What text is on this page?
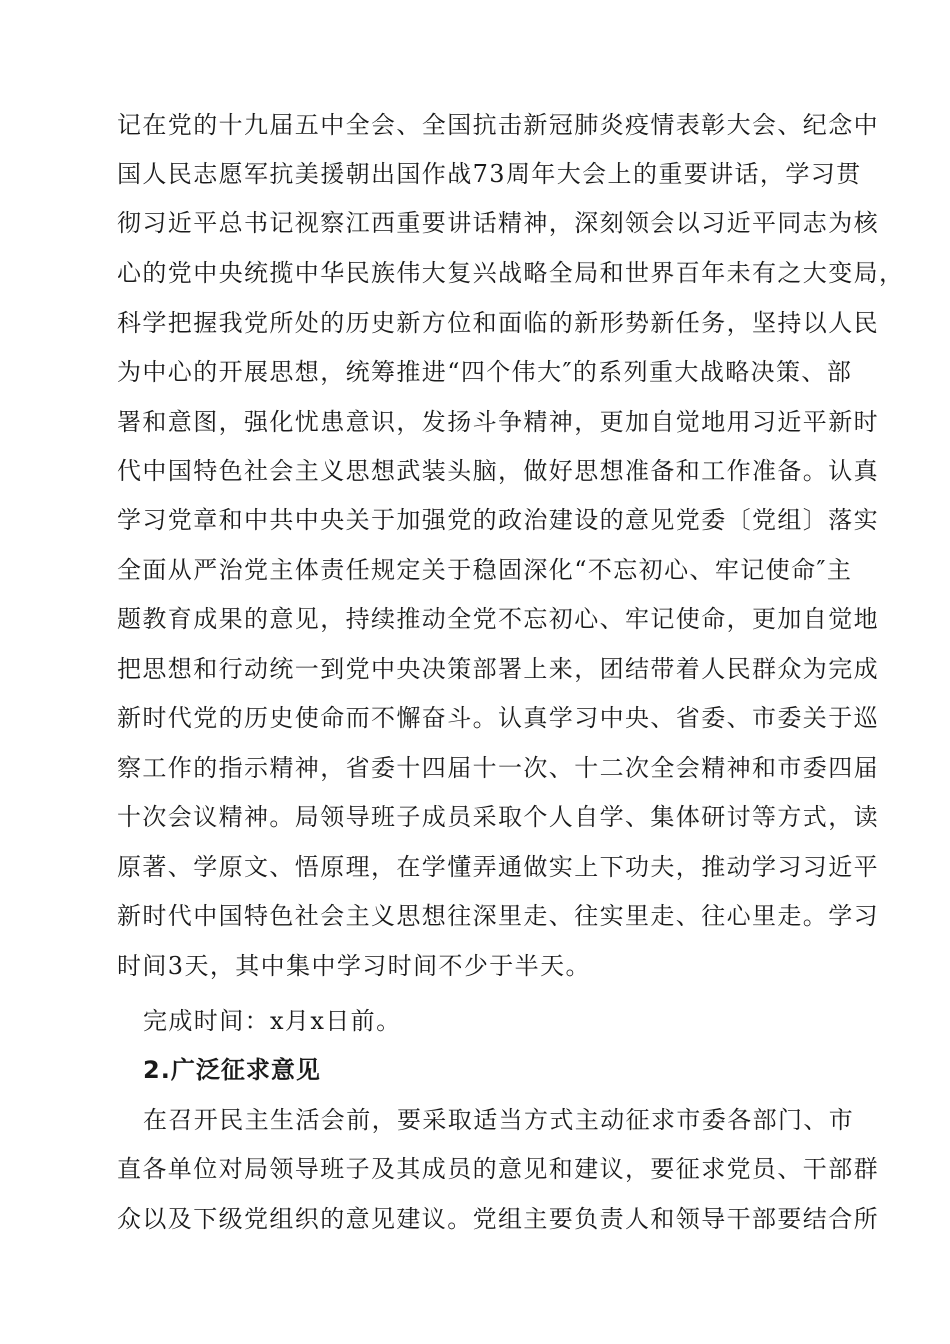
记在党的十九届五中全会、全国抗击新冠肺炎疫情表彰大会、纪念中
国人民志愿军抗美援朝出国作战73周年大会上的重要讲话，学习贯
彻习近平总书记视察江西重要讲话精神，深刻领会以习近平同志为核
心的党中央统揽中华民族伟大复兴战略全局和世界百年未有之大变局，
科学把握我党所处的历史新方位和面临的新形势新任务，坚持以人民
为中心的开展思想，统筹推进“四个伟大″的系列重大战略决策、部
署和意图，强化忧患意识，发扬斗争精神，更加自觉地用习近平新时
代中国特色社会主义思想武装头脑，做好思想准备和工作准备。认真
学习党章和中共中央关于加强党的政治建设的意见党委〔党组〕落实
全面从严治党主体责任规定关于稳固深化“不忘初心、牢记使命″主
题教育成果的意见，持续推动全党不忘初心、牢记使命，更加自觉地
把思想和行动统一到党中央决策部署上来，团结带着人民群众为完成
新时代党的历史使命而不懈奋斗。认真学习中央、省委、市委关于巡
察工作的指示精神，省委十四届十一次、十二次全会精神和市委四届
十次会议精神。局领导班子成员采取个人自学、集体研讨等方式，读
原著、学原文、悟原理，在学懂弄通做实上下功夫，推动学习习近平
新时代中国特色社会主义思想往深里走、往实里走、往心里走。学习
时间3天，其中集中学习时间不少于半天。
完成时间：x月x日前。
2.广泛征求意见
在召开民主生活会前，要采取适当方式主动征求市委各部门、市
直各单位对局领导班子及其成员的意见和建议，要征求党员、干部群
众以及下级党组织的意见建议。党组主要负责人和领导干部要结合所
